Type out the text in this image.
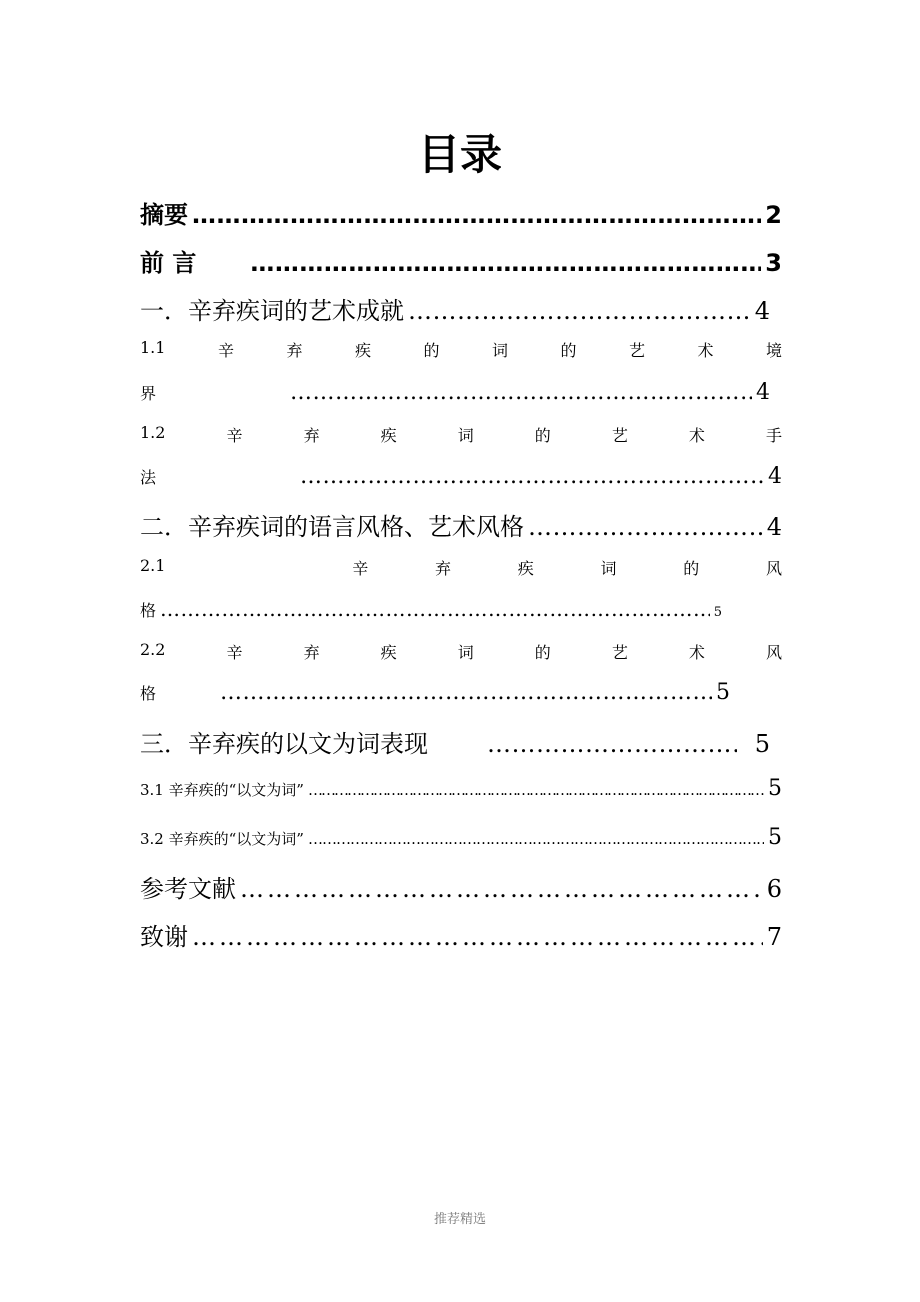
目录
摘要 ……………………………………………………………………………………………………………………………………………………………………………………………………	2
前 言 ……………………………………………………………………………………………………………………………………………………………………………………………………	3
一．辛弃疾词的艺术成就 ……………………………………………………………………………………………………………………………………………………………………………………………………	4
1.1	辛	弃	疾	的	词	的	艺	术	境
界 ……………………………………………………………………………………………………………………………………………………………………………………………………	4
1.2	辛	弃	疾	词	的	艺	术	手
法 ……………………………………………………………………………………………………………………………………………………………………………………………………	4
二．辛弃疾词的语言风格、艺术风格 ……………………………………………………………………………………………………………………………………………………………………………………………………	4
2.1	辛	弃	疾	词	的	风
格 ……………………………………………………………………………………………………………………………………………………………………………………………………	5
2.2	辛	弃	疾	词	的	艺	术	风
格 ……………………………………………………………………………………………………………………………………………………………………………………………………	5
三．辛弃疾的以文为词表现 ……………………………………………………………………………………………………………………………………………………………………………………………………	5
3.1 辛弃疾的“以文为词” ……………………………………………………………………………………………………………………………………………………………………………………………………	5
3.2 辛弃疾的“以文为词” ……………………………………………………………………………………………………………………………………………………………………………………………………	5
参考文献 ……………………………………………………………………………………………………………………………………………………………………………………………………	6
致谢 ……………………………………………………………………………………………………………………………………………………………………………………………………	7
推荐精选
